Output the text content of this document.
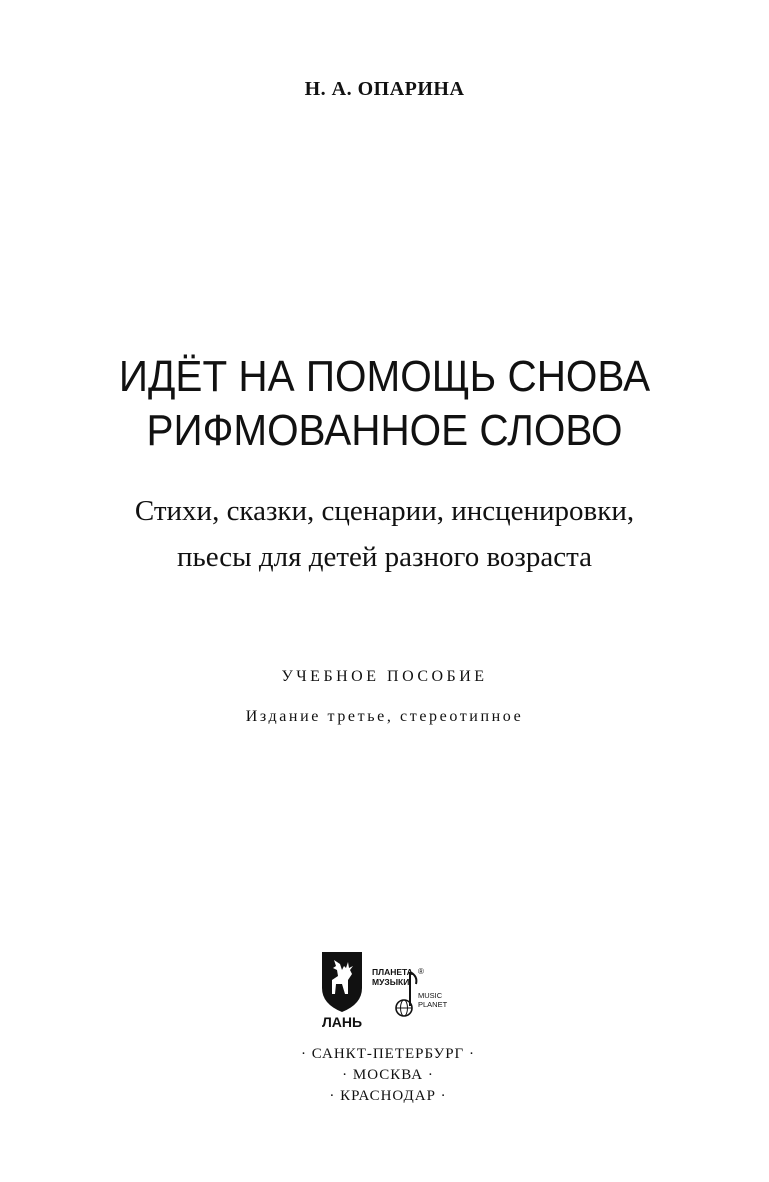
Н. А. ОПАРИНА
ИДЁТ НА ПОМОЩЬ СНОВА
РИФМОВАННОЕ СЛОВО
Стихи, сказки, сценарии, инсценировки,
пьесы для детей разного возраста
УЧЕБНОЕ ПОСОБИЕ
Издание третье, стереотипное
ЛАНЬ
ПЛАНЕТА
МУЗЫКИ
®
MUSIC
PLANET
· САНКТ-ПЕТЕРБУРГ ·
· МОСКВА ·
· КРАСНОДАР ·
